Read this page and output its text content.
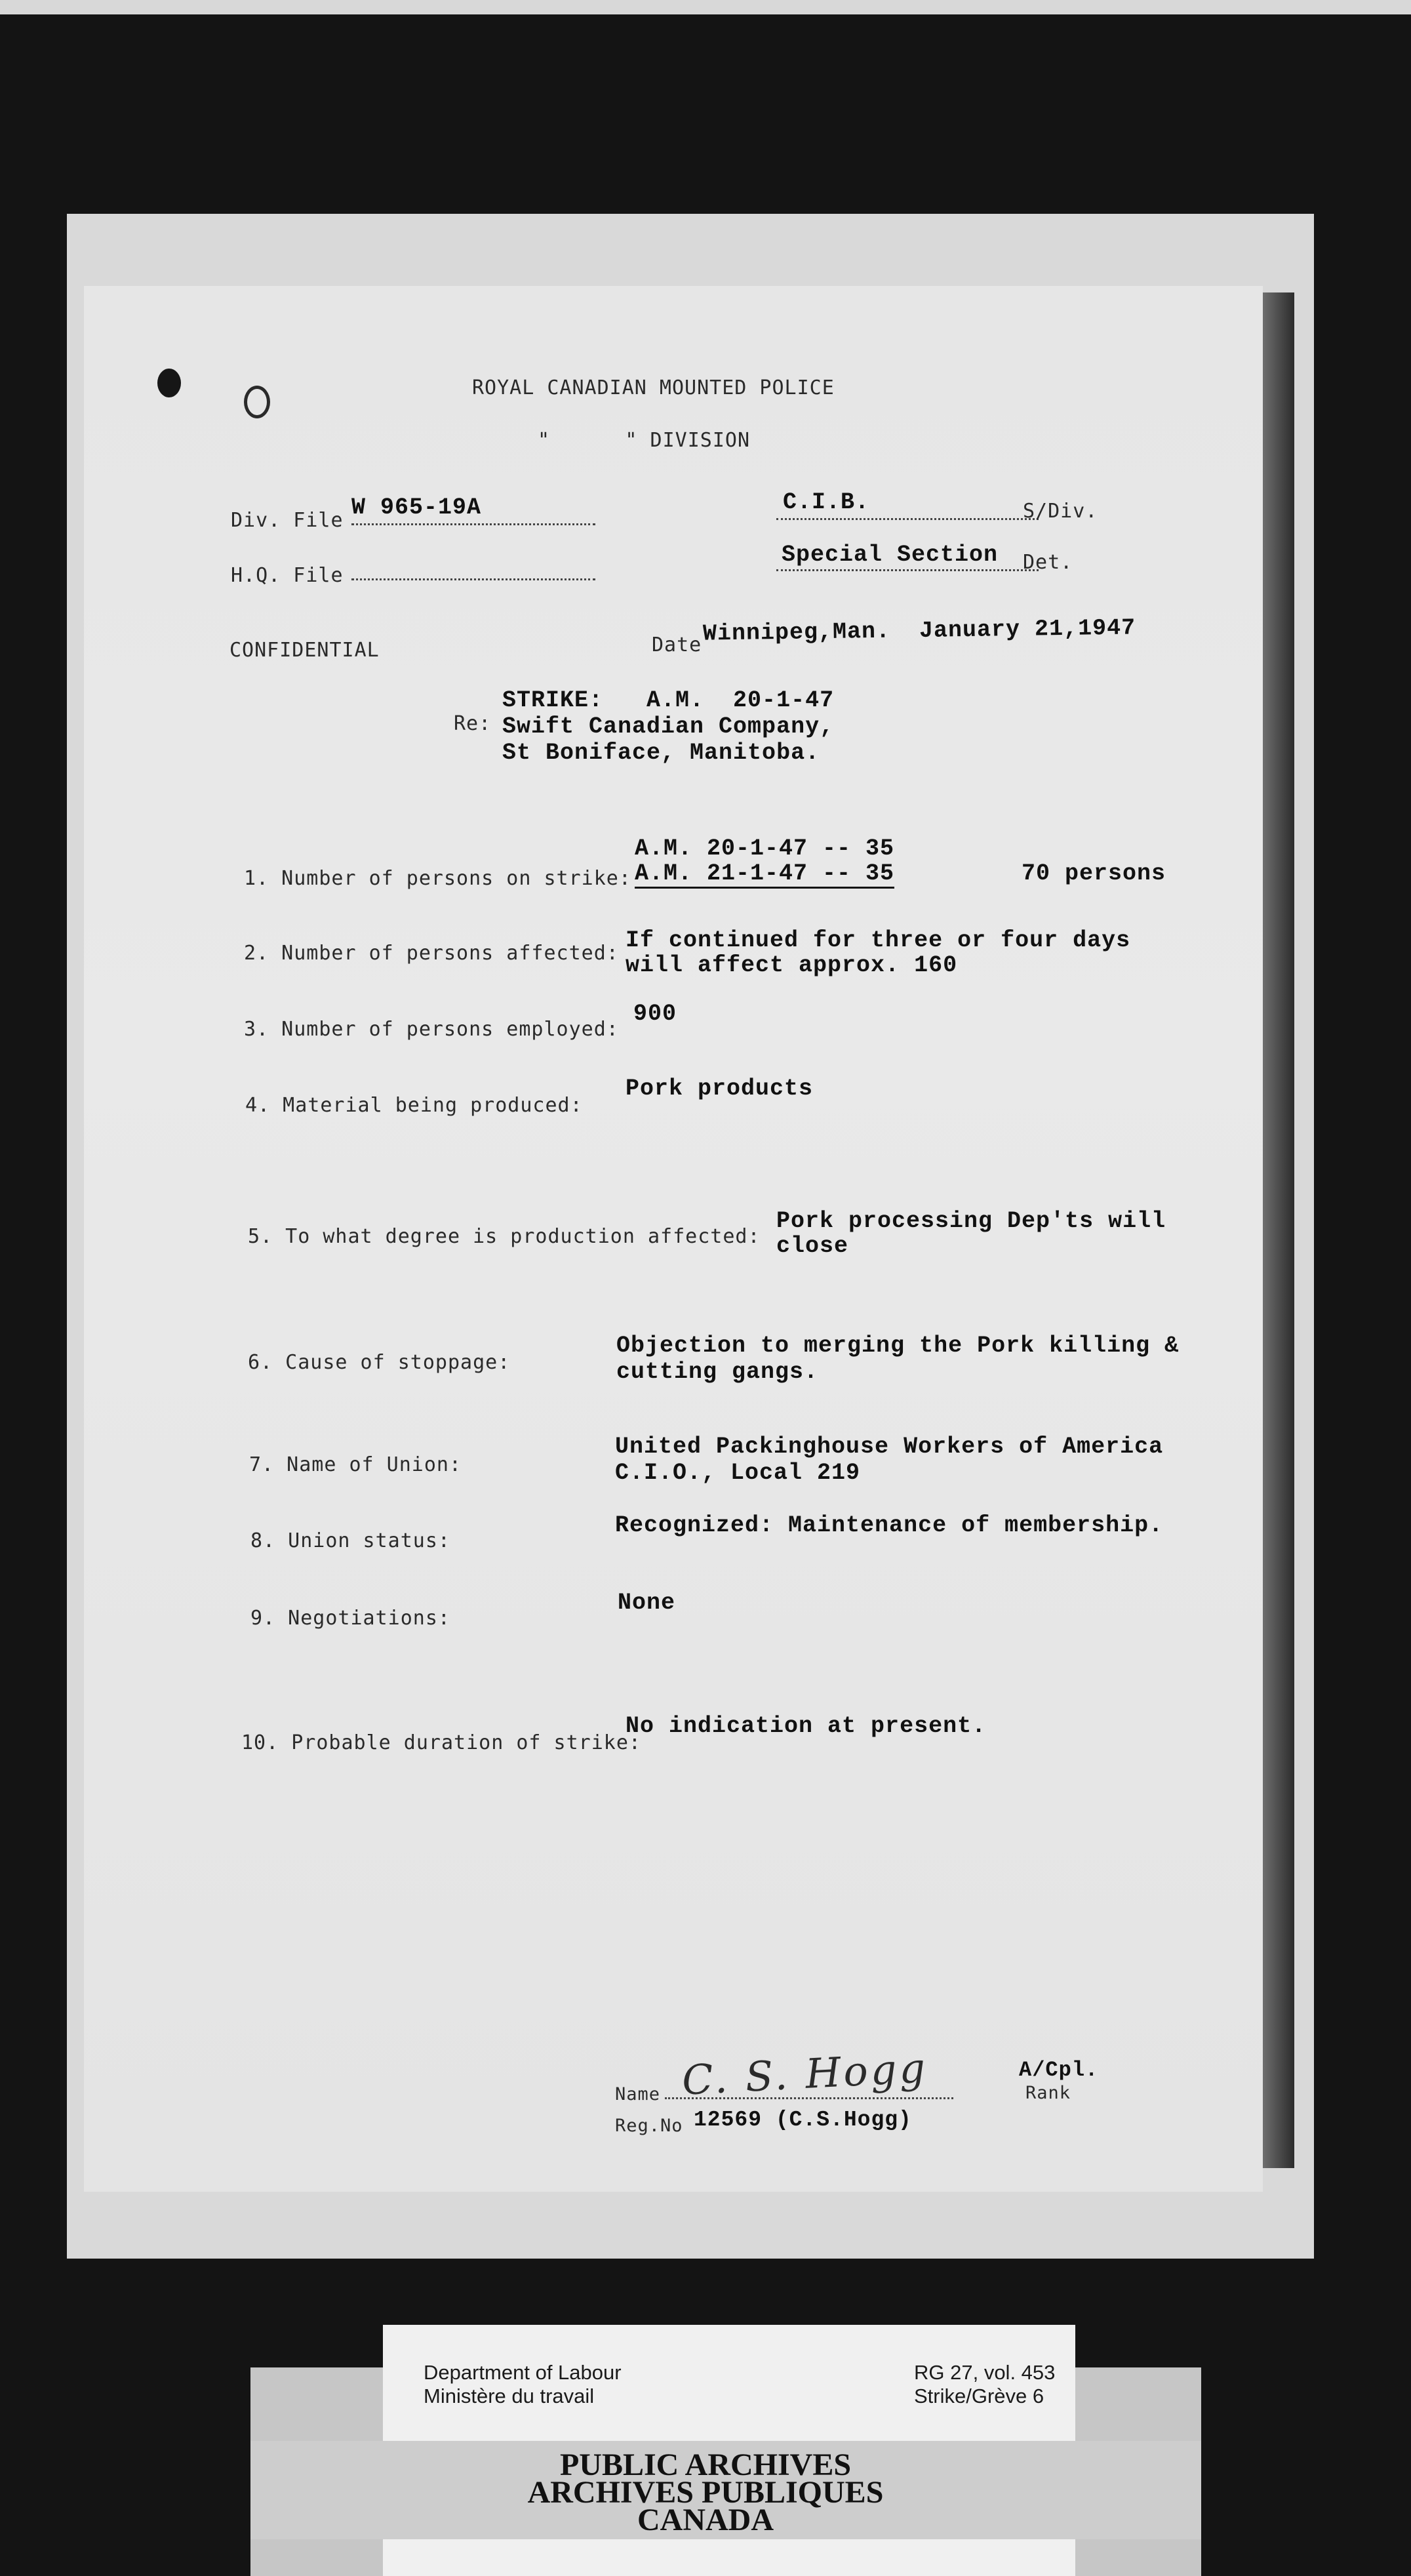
ROYAL CANADIAN MOUNTED POLICE
"      " DIVISION
Div. File W 965-19A
H.Q. File
C.I.B.	S/Div.
Special Section Det.
CONFIDENTIAL	Date Winnipeg,Man.  January 21,1947
Re:
STRIKE:   A.M.  20-1-47
Swift Canadian Company,
St Boniface, Manitoba.
1. Number of persons on strike:
A.M. 20-1-47 -- 35
A.M. 21-1-47 -- 35	70 persons
2. Number of persons affected: If continued for three or four days
will affect approx. 160
3. Number of persons employed:
900
4. Material being produced:
Pork products
5. To what degree is production affected:
Pork processing Dep'ts will
close
6. Cause of stoppage:
Objection to merging the Pork killing &
cutting gangs.
7. Name of Union:
United Packinghouse Workers of America
C.I.O., Local 219
8. Union status:
Recognized: Maintenance of membership.
9. Negotiations:
None
10. Probable duration of strike:
No indication at present.
Name C. S. Hogg	A/Cpl.
Rank
Reg.No 12569 (C.S.Hogg)
Department of Labour
Ministère du travail
RG 27, vol. 453
Strike/Grève 6
PUBLIC ARCHIVES
ARCHIVES PUBLIQUES
CANADA
